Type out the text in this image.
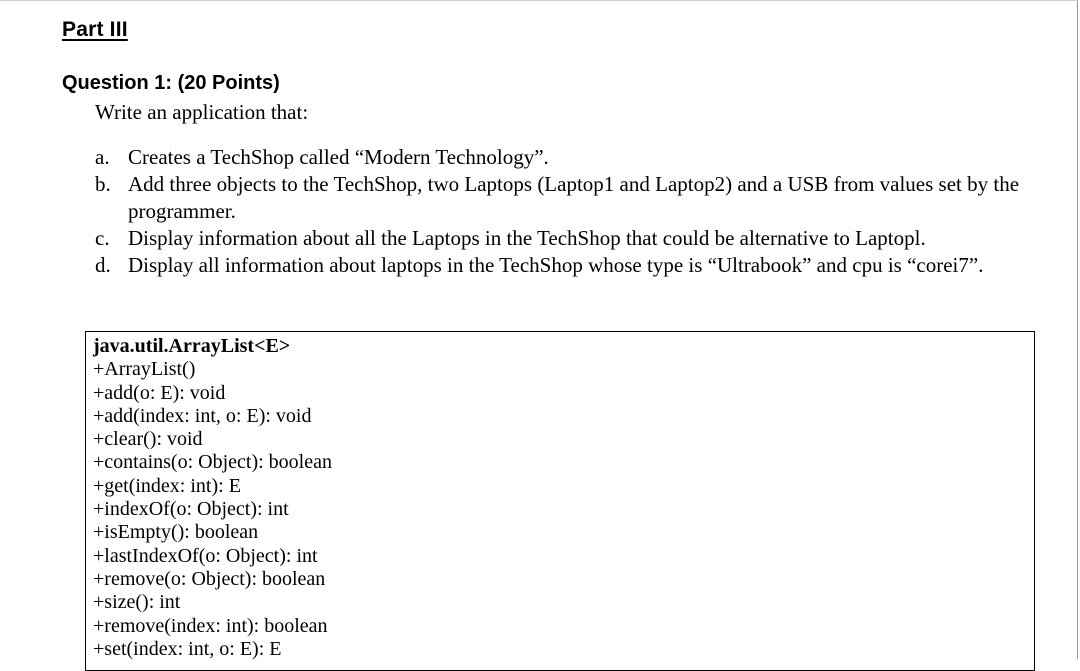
Part III
Question 1: (20 Points)
Write an application that:
a. Creates a TechShop called “Modern Technology”.
b. Add three objects to the TechShop, two Laptops (Laptop1 and Laptop2) and a USB from values set by the programmer.
c. Display information about all the Laptops in the TechShop that could be alternative to Laptopl.
d. Display all information about laptops in the TechShop whose type is “Ultrabook” and cpu is “corei7”.
java.util.ArrayList<E>
+ArrayList()
+add(o: E): void
+add(index: int, o: E): void
+clear(): void
+contains(o: Object): boolean
+get(index: int): E
+indexOf(o: Object): int
+isEmpty(): boolean
+lastIndexOf(o: Object): int
+remove(o: Object): boolean
+size(): int
+remove(index: int): boolean
+set(index: int, o: E): E
